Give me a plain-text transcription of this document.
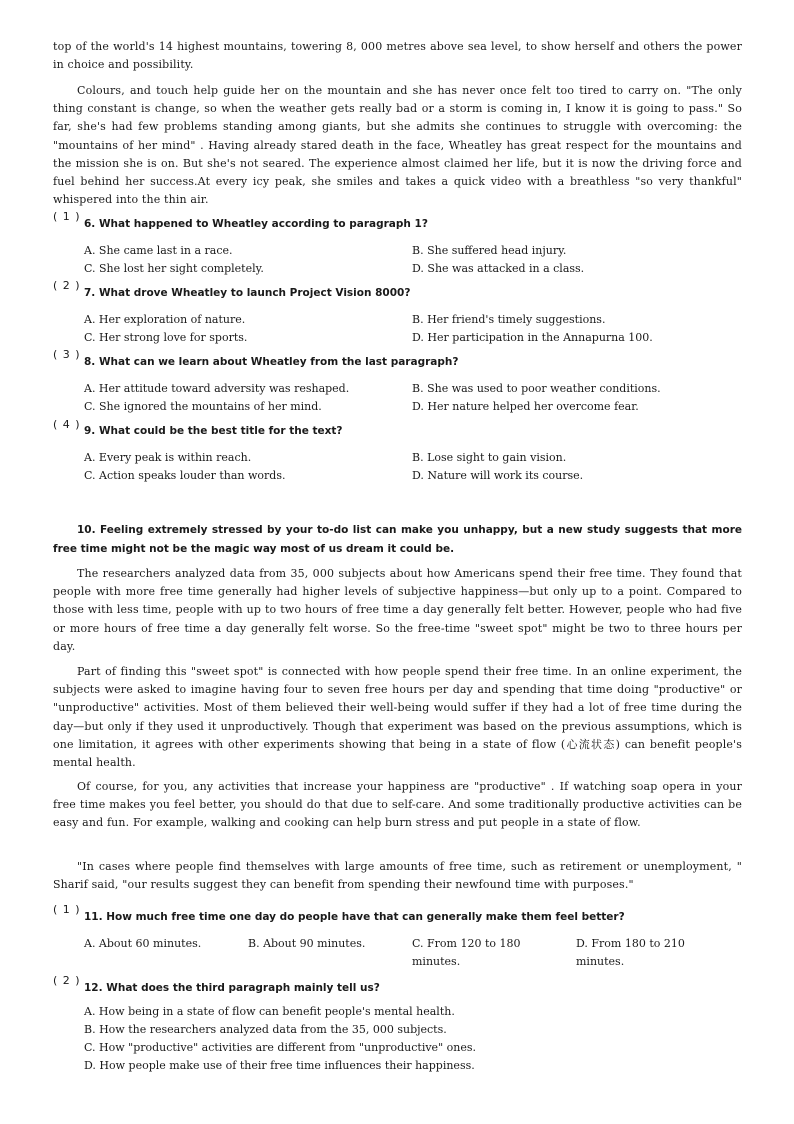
top of the world's 14 highest mountains, towering 8, 000 metres above sea level, to show herself and others the power in choice and possibility.

Colours, and touch help guide her on the mountain and she has never once felt too tired to carry on. "The only thing constant is change, so when the weather gets really bad or a storm is coming in, I know it is going to pass." So far, she's had few problems standing among giants, but she admits she continues to struggle with overcoming: the "mountains of her mind" . Having already stared death in the face, Wheatley has great respect for the mountains and the mission she is on. But she's not seared. The experience almost claimed her life, but it is now the driving force and fuel behind her success.At every icy peak, she smiles and takes a quick video with a breathless "so very thankful" whispered into the thin air.

( 1 )
6. What happened to Wheatley according to paragraph 1?
A. She came last in a race.	B. She suffered head injury.
C. She lost her sight completely.	D. She was attacked in a class.
( 2 )
7. What drove Wheatley to launch Project Vision 8000?
A. Her exploration of nature.	B. Her friend's timely suggestions.
C. Her strong love for sports.	D. Her participation in the Annapurna 100.
( 3 )
8. What can we learn about Wheatley from the last paragraph?
A. Her attitude toward adversity was reshaped.	B. She was used to poor weather conditions.
C. She ignored the mountains of her mind.	D. Her nature helped her overcome fear.
( 4 ) 9. What could be the best title for the text?
A. Every peak is within reach.	B. Lose sight to gain vision.
C. Action speaks louder than words.	D. Nature will work its course.

10. Feeling extremely stressed by your to-do list can make you unhappy, but a new study suggests that more free time might not be the magic way most of us dream it could be.

The researchers analyzed data from 35, 000 subjects about how Americans spend their free time. They found that people with more free time generally had higher levels of subjective happiness—but only up to a point. Compared to those with less time, people with up to two hours of free time a day generally felt better. However, people who had five or more hours of free time a day generally felt worse. So the free-time "sweet spot" might be two to three hours per day.

Part of finding this "sweet spot" is connected with how people spend their free time. In an online experiment, the subjects were asked to imagine having four to seven free hours per day and spending that time doing "productive" or "unproductive" activities. Most of them believed their well-being would suffer if they had a lot of free time during the day—but only if they used it unproductively. Though that experiment was based on the previous assumptions, which is one limitation, it agrees with other experiments showing that being in a state of flow (心流状态) can benefit people's mental health.

Of course, for you, any activities that increase your happiness are "productive" . If watching soap opera in your free time makes you feel better, you should do that due to self-care. And some traditionally productive activities can be easy and fun. For example, walking and cooking can help burn stress and put people in a state of flow.

"In cases where people find themselves with large amounts of free time, such as retirement or unemployment, " Sharif said, "our results suggest they can benefit from spending their newfound time with purposes."

( 1 )
11. How much free time one day do people have that can generally make them feel better?
A. About 60 minutes.	B. About 90 minutes.	C. From 120 to 180 minutes.
D. From 180 to 210 minutes.
( 2 )
12. What does the third paragraph mainly tell us?
A. How being in a state of flow can benefit people's mental health.
B. How the researchers analyzed data from the 35, 000 subjects.
C. How "productive" activities are different from "unproductive" ones.
D. How people make use of their free time influences their happiness.
